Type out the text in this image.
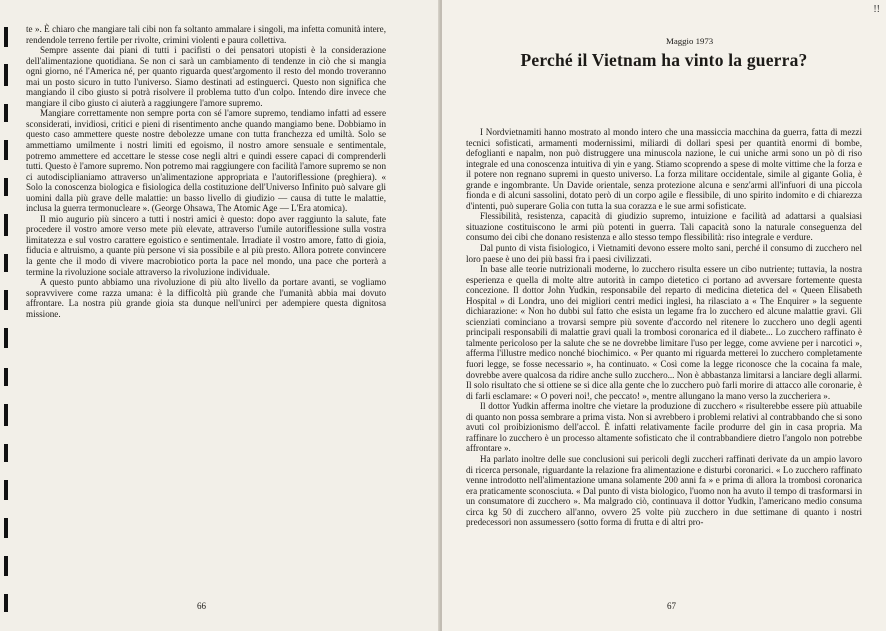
te ». È chiaro che mangiare tali cibi non fa soltanto ammalare i singoli, ma infetta comunità intere, rendendole terreno fertile per rivolte, crimini violenti e paura collettiva.

Sempre assente dai piani di tutti i pacifisti o dei pensatori utopisti è la considerazione dell'alimentazione quotidiana. Se non ci sarà un cambiamento di tendenze in ciò che si mangia ogni giorno, né l'America né, per quanto riguarda quest'argomento il resto del mondo troveranno mai un posto sicuro in tutto l'universo. Siamo destinati ad estinguerci. Questo non significa che mangiando il cibo giusto si potrà risolvere il problema tutto d'un colpo. Intendo dire invece che mangiare il cibo giusto ci aiuterà a raggiungere l'amore supremo.

Mangiare correttamente non sempre porta con sé l'amore supremo, tendiamo infatti ad essere sconsiderati, invidiosi, critici e pieni di risentimento anche quando mangiamo bene. Dobbiamo in questo caso ammettere queste nostre debolezze umane con tutta franchezza ed umiltà. Solo se ammettiamo umilmente i nostri limiti ed egoismo, il nostro amore sensuale e sentimentale, potremo ammettere ed accettare le stesse cose negli altri e quindi essere capaci di comprenderli tutti. Questo è l'amore supremo. Non potremo mai raggiungere con facilità l'amore supremo se non ci autodisciplianiamo attraverso un'alimentazione appropriata e l'autoriflessione (preghiera). « Solo la conoscenza biologica e fisiologica della costituzione dell'Universo Infinito può salvare gli uomini dalla più grave delle malattie: un basso livello di giudizio — causa di tutte le malattie, inclusa la guerra termonucleare ». (George Ohsawa, The Atomic Age — L'Era atomica).

Il mio augurio più sincero a tutti i nostri amici è questo: dopo aver raggiunto la salute, fate procedere il vostro amore verso mete più elevate, attraverso l'umile autoriflessione sulla vostra limitatezza e sul vostro carattere egoistico e sentimentale. Irradiate il vostro amore, fatto di gioia, fiducia e altruismo, a quante più persone vi sia possibile e al più presto. Allora potrete convincere la gente che il modo di vivere macrobiotico porta la pace nel mondo, una pace che porterà a termine la rivoluzione sociale attraverso la rivoluzione individuale.

A questo punto abbiamo una rivoluzione di più alto livello da portare avanti, se vogliamo sopravvivere come razza umana: è la difficoltà più grande che l'umanità abbia mai dovuto affrontare. La nostra più grande gioia sta dunque nell'unirci per adempiere questa dignitosa missione.

66
!!
Maggio 1973
Perché il Vietnam ha vinto la guerra?

I Nordvietnamiti hanno mostrato al mondo intero che una massiccia macchina da guerra, fatta di mezzi tecnici sofisticati, armamenti modernissimi, miliardi di dollari spesi per quantità enormi di bombe, defoglianti e napalm, non può distruggere una minuscola nazione, le cui uniche armi sono un pò di riso integrale ed una conoscenza intuitiva di yin e yang. Stiamo scoprendo a spese di molte vittime che la forza e il potere non regnano supremi in questo universo. La forza militare occidentale, simile al gigante Golia, è grande e ingombrante. Un Davide orientale, senza protezione alcuna e senz'armi all'infuori di una piccola fionda e di alcuni sassolini, dotato però di un corpo agile e flessibile, di uno spirito indomito e di chiarezza d'intenti, può superare Golia con tutta la sua corazza e le sue armi sofisticate.

Flessibilità, resistenza, capacità di giudizio supremo, intuizione e facilità ad adattarsi a qualsiasi situazione costituiscono le armi più potenti in guerra. Tali capacità sono la naturale conseguenza del consumo dei cibi che donano resistenza e allo stesso tempo flessibilità: riso integrale e verdure.

Dal punto di vista fisiologico, i Vietnamiti devono essere molto sani, perché il consumo di zucchero nel loro paese è uno dei più bassi fra i paesi civilizzati.

In base alle teorie nutrizionali moderne, lo zucchero risulta essere un cibo nutriente; tuttavia, la nostra esperienza e quella di molte altre autorità in campo dietetico ci portano ad avversare fortemente questa concezione. Il dottor John Yudkin, responsabile del reparto di medicina dietetica del « Queen Elisabeth Hospital » di Londra, uno dei migliori centri medici inglesi, ha rilasciato a « The Enquirer » la seguente dichiarazione: « Non ho dubbi sul fatto che esista un legame fra lo zucchero ed alcune malattie gravi. Gli scienziati cominciano a trovarsi sempre più sovente d'accordo nel ritenere lo zucchero uno degli agenti principali responsabili di malattie gravi quali la trombosi coronarica ed il diabete... Lo zucchero raffinato è talmente pericoloso per la salute che se ne dovrebbe limitare l'uso per legge, come avviene per i narcotici », afferma l'illustre medico nonché biochimico. « Per quanto mi riguarda metterei lo zucchero completamente fuori legge, se fosse necessario », ha continuato. « Così come la legge riconosce che la cocaina fa male, dovrebbe avere qualcosa da ridire anche sullo zucchero... Non è abbastanza limitarsi a lanciare degli allarmi. Il solo risultato che si ottiene se si dice alla gente che lo zucchero può farli morire di attacco alle coronarie, è di farli esclamare: « O poveri noi!, che peccato! », mentre allungano la mano verso la zuccheriera ».

Il dottor Yudkin afferma inoltre che vietare la produzione di zucchero « risulterebbe essere più attuabile di quanto non possa sembrare a prima vista. Non si avrebbero i problemi relativi al contrabbando che si sono avuti col proibizionismo dell'accol. È infatti relativamente facile produrre del gin in casa propria. Ma raffinare lo zucchero è un processo altamente sofisticato che il contrabbandiere dietro l'angolo non potrebbe affrontare ».

Ha parlato inoltre delle sue conclusioni sui pericoli degli zuccheri raffinati derivate da un ampio lavoro di ricerca personale, riguardante la relazione fra alimentazione e disturbi coronarici. « Lo zucchero raffinato venne introdotto nell'alimentazione umana solamente 200 anni fa » e prima di allora la trombosi coronarica era praticamente sconosciuta. « Dal punto di vista biologico, l'uomo non ha avuto il tempo di trasformarsi in un consumatore di zucchero ». Ma malgrado ciò, continuava il dottor Yudkin, l'americano medio consuma circa kg 50 di zucchero all'anno, ovvero 25 volte più zucchero in due settimane di quanto i nostri predecessori non assumessero (sotto forma di frutta e di altri pro-

67
